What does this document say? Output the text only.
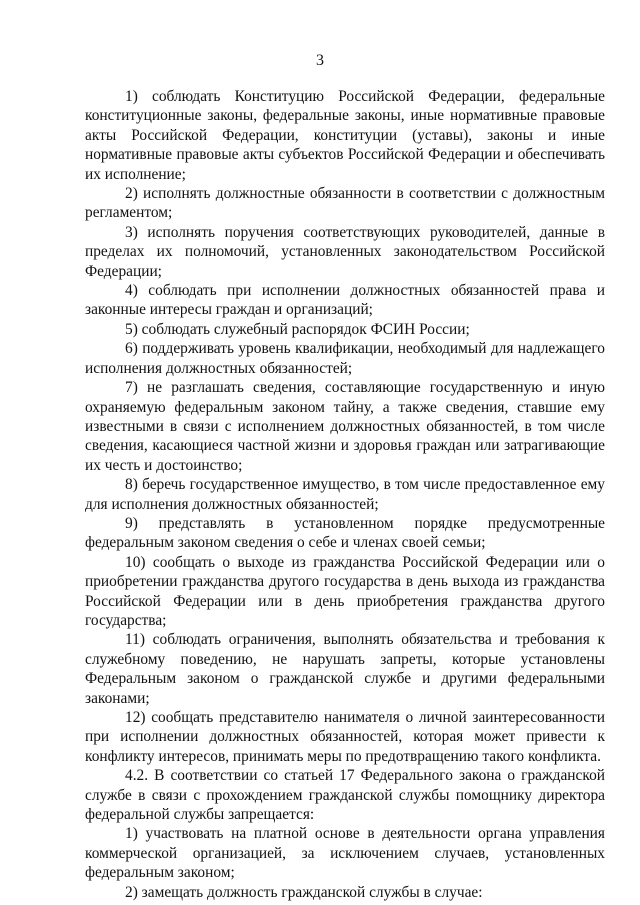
3

1) соблюдать Конституцию Российской Федерации, федеральные конституционные законы, федеральные законы, иные нормативные правовые акты Российской Федерации, конституции (уставы), законы и иные нормативные правовые акты субъектов Российской Федерации и обеспечивать их исполнение;

2) исполнять должностные обязанности в соответствии с должностным регламентом;

3) исполнять поручения соответствующих руководителей, данные в пределах их полномочий, установленных законодательством Российской Федерации;

4) соблюдать при исполнении должностных обязанностей права и законные интересы граждан и организаций;

5) соблюдать служебный распорядок ФСИН России;

6) поддерживать уровень квалификации, необходимый для надлежащего исполнения должностных обязанностей;

7) не разглашать сведения, составляющие государственную и иную охраняемую федеральным законом тайну, а также сведения, ставшие ему известными в связи с исполнением должностных обязанностей, в том числе сведения, касающиеся частной жизни и здоровья граждан или затрагивающие их честь и достоинство;

8) беречь государственное имущество, в том числе предоставленное ему для исполнения должностных обязанностей;

9) представлять в установленном порядке предусмотренные федеральным законом сведения о себе и членах своей семьи;

10) сообщать о выходе из гражданства Российской Федерации или о приобретении гражданства другого государства в день выхода из гражданства Российской Федерации или в день приобретения гражданства другого государства;

11) соблюдать ограничения, выполнять обязательства и требования к служебному поведению, не нарушать запреты, которые установлены Федеральным законом о гражданской службе и другими федеральными законами;

12) сообщать представителю нанимателя о личной заинтересованности при исполнении должностных обязанностей, которая может привести к конфликту интересов, принимать меры по предотвращению такого конфликта.

4.2. В соответствии со статьей 17 Федерального закона о гражданской службе в связи с прохождением гражданской службы помощнику директора федеральной службы запрещается:

1) участвовать на платной основе в деятельности органа управления коммерческой организацией, за исключением случаев, установленных федеральным законом;

2) замещать должность гражданской службы в случае:
